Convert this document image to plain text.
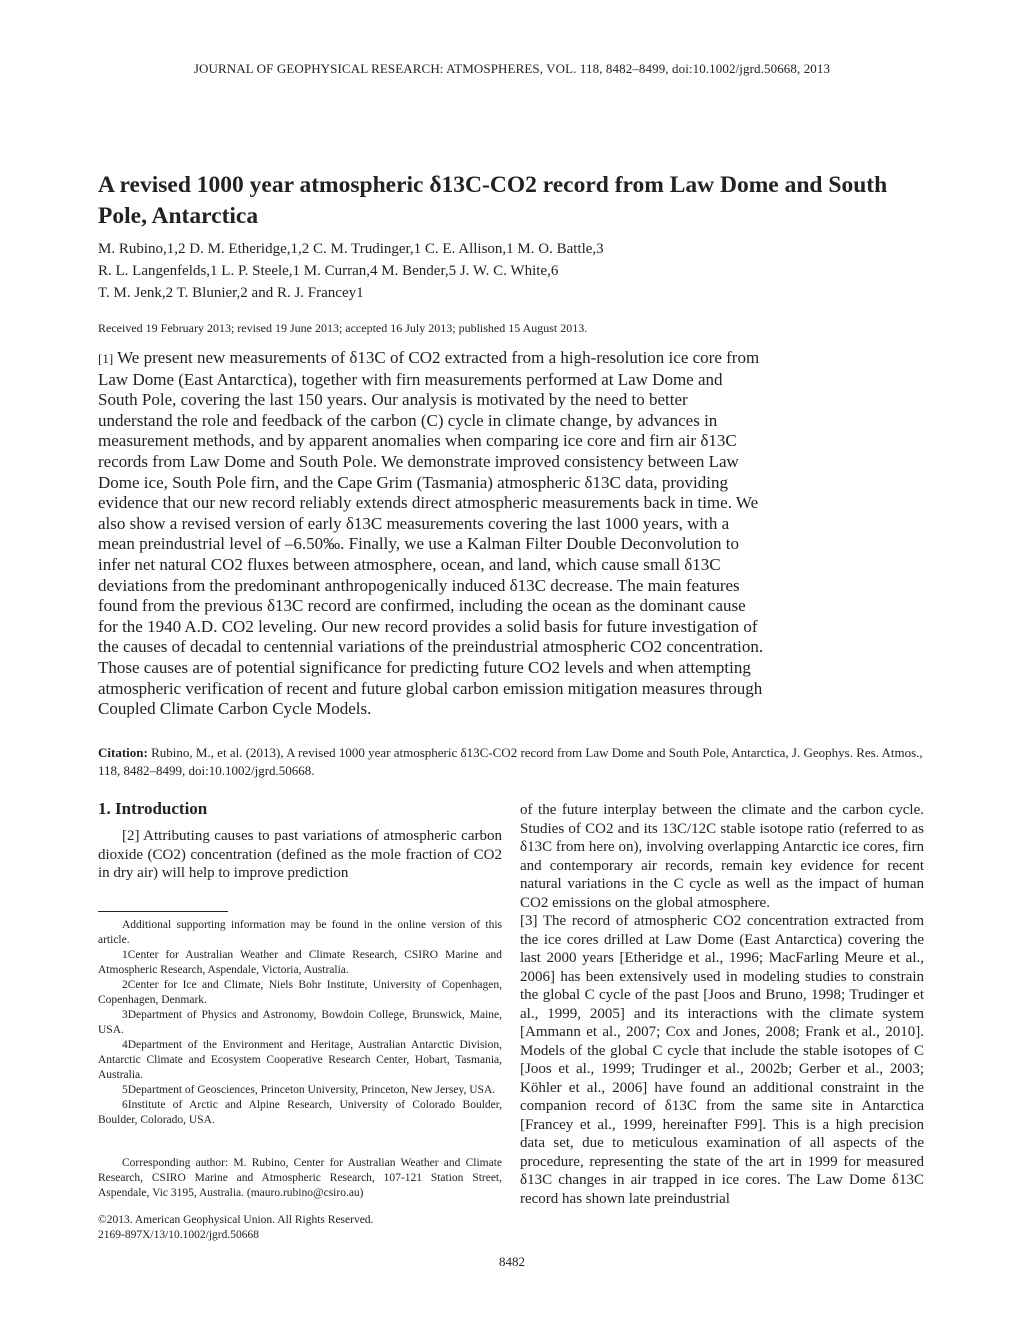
JOURNAL OF GEOPHYSICAL RESEARCH: ATMOSPHERES, VOL. 118, 8482–8499, doi:10.1002/jgrd.50668, 2013
A revised 1000 year atmospheric δ13C-CO2 record from Law Dome and South Pole, Antarctica
M. Rubino,1,2 D. M. Etheridge,1,2 C. M. Trudinger,1 C. E. Allison,1 M. O. Battle,3
R. L. Langenfelds,1 L. P. Steele,1 M. Curran,4 M. Bender,5 J. W. C. White,6
T. M. Jenk,2 T. Blunier,2 and R. J. Francey1
Received 19 February 2013; revised 19 June 2013; accepted 16 July 2013; published 15 August 2013.
[1] We present new measurements of δ13C of CO2 extracted from a high-resolution ice core from Law Dome (East Antarctica), together with firn measurements performed at Law Dome and South Pole, covering the last 150 years. Our analysis is motivated by the need to better understand the role and feedback of the carbon (C) cycle in climate change, by advances in measurement methods, and by apparent anomalies when comparing ice core and firn air δ13C records from Law Dome and South Pole. We demonstrate improved consistency between Law Dome ice, South Pole firn, and the Cape Grim (Tasmania) atmospheric δ13C data, providing evidence that our new record reliably extends direct atmospheric measurements back in time. We also show a revised version of early δ13C measurements covering the last 1000 years, with a mean preindustrial level of –6.50‰. Finally, we use a Kalman Filter Double Deconvolution to infer net natural CO2 fluxes between atmosphere, ocean, and land, which cause small δ13C deviations from the predominant anthropogenically induced δ13C decrease. The main features found from the previous δ13C record are confirmed, including the ocean as the dominant cause for the 1940 A.D. CO2 leveling. Our new record provides a solid basis for future investigation of the causes of decadal to centennial variations of the preindustrial atmospheric CO2 concentration. Those causes are of potential significance for predicting future CO2 levels and when attempting atmospheric verification of recent and future global carbon emission mitigation measures through Coupled Climate Carbon Cycle Models.
Citation: Rubino, M., et al. (2013), A revised 1000 year atmospheric δ13C-CO2 record from Law Dome and South Pole, Antarctica, J. Geophys. Res. Atmos., 118, 8482–8499, doi:10.1002/jgrd.50668.
1. Introduction

[2] Attributing causes to past variations of atmospheric carbon dioxide (CO2) concentration (defined as the mole fraction of CO2 in dry air) will help to improve prediction

Additional supporting information may be found in the online version of this article.

1Center for Australian Weather and Climate Research, CSIRO Marine and Atmospheric Research, Aspendale, Victoria, Australia.

2Center for Ice and Climate, Niels Bohr Institute, University of Copenhagen, Copenhagen, Denmark.

3Department of Physics and Astronomy, Bowdoin College, Brunswick, Maine, USA.

4Department of the Environment and Heritage, Australian Antarctic Division, Antarctic Climate and Ecosystem Cooperative Research Center, Hobart, Tasmania, Australia.

5Department of Geosciences, Princeton University, Princeton, New Jersey, USA.

6Institute of Arctic and Alpine Research, University of Colorado Boulder, Boulder, Colorado, USA.

Corresponding author: M. Rubino, Center for Australian Weather and Climate Research, CSIRO Marine and Atmospheric Research, 107-121 Station Street, Aspendale, Vic 3195, Australia. (mauro.rubino@csiro.au)

©2013. American Geophysical Union. All Rights Reserved.
2169-897X/13/10.1002/jgrd.50668

of the future interplay between the climate and the carbon cycle. Studies of CO2 and its 13C/12C stable isotope ratio (referred to as δ13C from here on), involving overlapping Antarctic ice cores, firn and contemporary air records, remain key evidence for recent natural variations in the C cycle as well as the impact of human CO2 emissions on the global atmosphere.

[3] The record of atmospheric CO2 concentration extracted from the ice cores drilled at Law Dome (East Antarctica) covering the last 2000 years [Etheridge et al., 1996; MacFarling Meure et al., 2006] has been extensively used in modeling studies to constrain the global C cycle of the past [Joos and Bruno, 1998; Trudinger et al., 1999, 2005] and its interactions with the climate system [Ammann et al., 2007; Cox and Jones, 2008; Frank et al., 2010]. Models of the global C cycle that include the stable isotopes of C [Joos et al., 1999; Trudinger et al., 2002b; Gerber et al., 2003; Köhler et al., 2006] have found an additional constraint in the companion record of δ13C from the same site in Antarctica [Francey et al., 1999, hereinafter F99]. This is a high precision data set, due to meticulous examination of all aspects of the procedure, representing the state of the art in 1999 for measured δ13C changes in air trapped in ice cores. The Law Dome δ13C record has shown late preindustrial

8482
